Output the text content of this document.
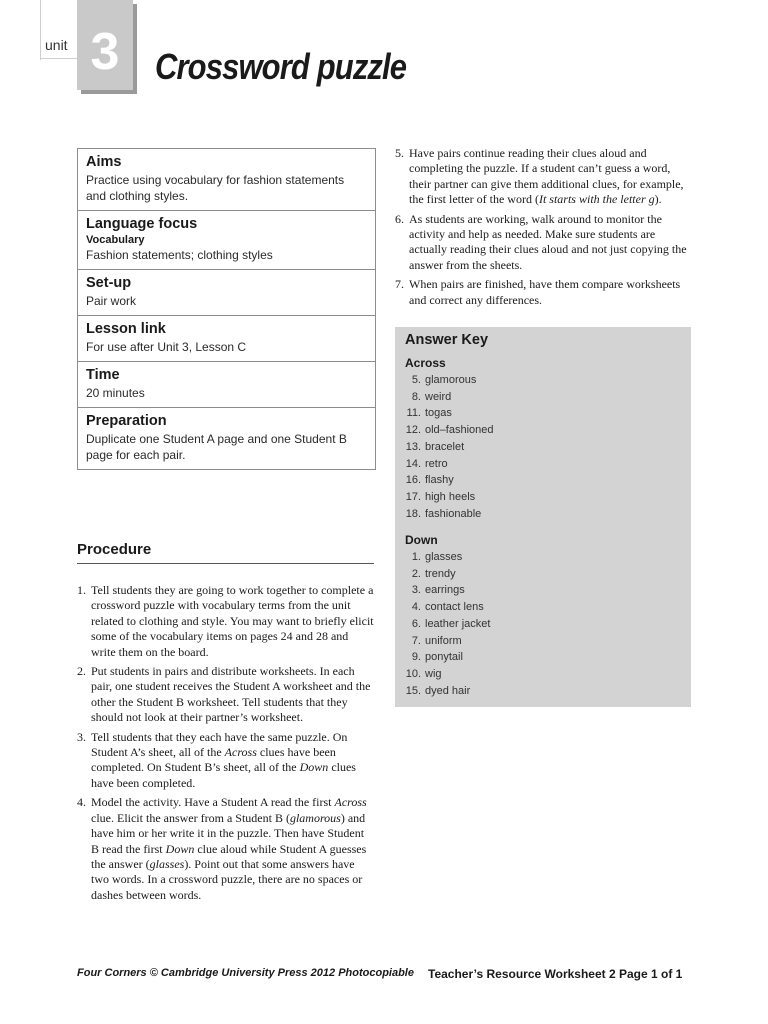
unit 3 Crossword puzzle
Aims
Practice using vocabulary for fashion statements and clothing styles.
Language focus
Vocabulary
Fashion statements; clothing styles
Set-up
Pair work
Lesson link
For use after Unit 3, Lesson C
Time
20 minutes
Preparation
Duplicate one Student A page and one Student B page for each pair.
Procedure
1. Tell students they are going to work together to complete a crossword puzzle with vocabulary terms from the unit related to clothing and style. You may want to briefly elicit some of the vocabulary items on pages 24 and 28 and write them on the board.
2. Put students in pairs and distribute worksheets. In each pair, one student receives the Student A worksheet and the other the Student B worksheet. Tell students that they should not look at their partner’s worksheet.
3. Tell students that they each have the same puzzle. On Student A’s sheet, all of the Across clues have been completed. On Student B’s sheet, all of the Down clues have been completed.
4. Model the activity. Have a Student A read the first Across clue. Elicit the answer from a Student B (glamorous) and have him or her write it in the puzzle. Then have Student B read the first Down clue aloud while Student A guesses the answer (glasses). Point out that some answers have two words. In a crossword puzzle, there are no spaces or dashes between words.
5. Have pairs continue reading their clues aloud and completing the puzzle. If a student can’t guess a word, their partner can give them additional clues, for example, the first letter of the word (It starts with the letter g).
6. As students are working, walk around to monitor the activity and help as needed. Make sure students are actually reading their clues aloud and not just copying the answer from the sheets.
7. When pairs are finished, have them compare worksheets and correct any differences.
Answer Key
Across
5. glamorous
8. weird
11. togas
12. old–fashioned
13. bracelet
14. retro
16. flashy
17. high heels
18. fashionable
Down
1. glasses
2. trendy
3. earrings
4. contact lens
6. leather jacket
7. uniform
9. ponytail
10. wig
15. dyed hair
Four Corners © Cambridge University Press 2012 Photocopiable Teacher’s Resource Worksheet 2 Page 1 of 1
